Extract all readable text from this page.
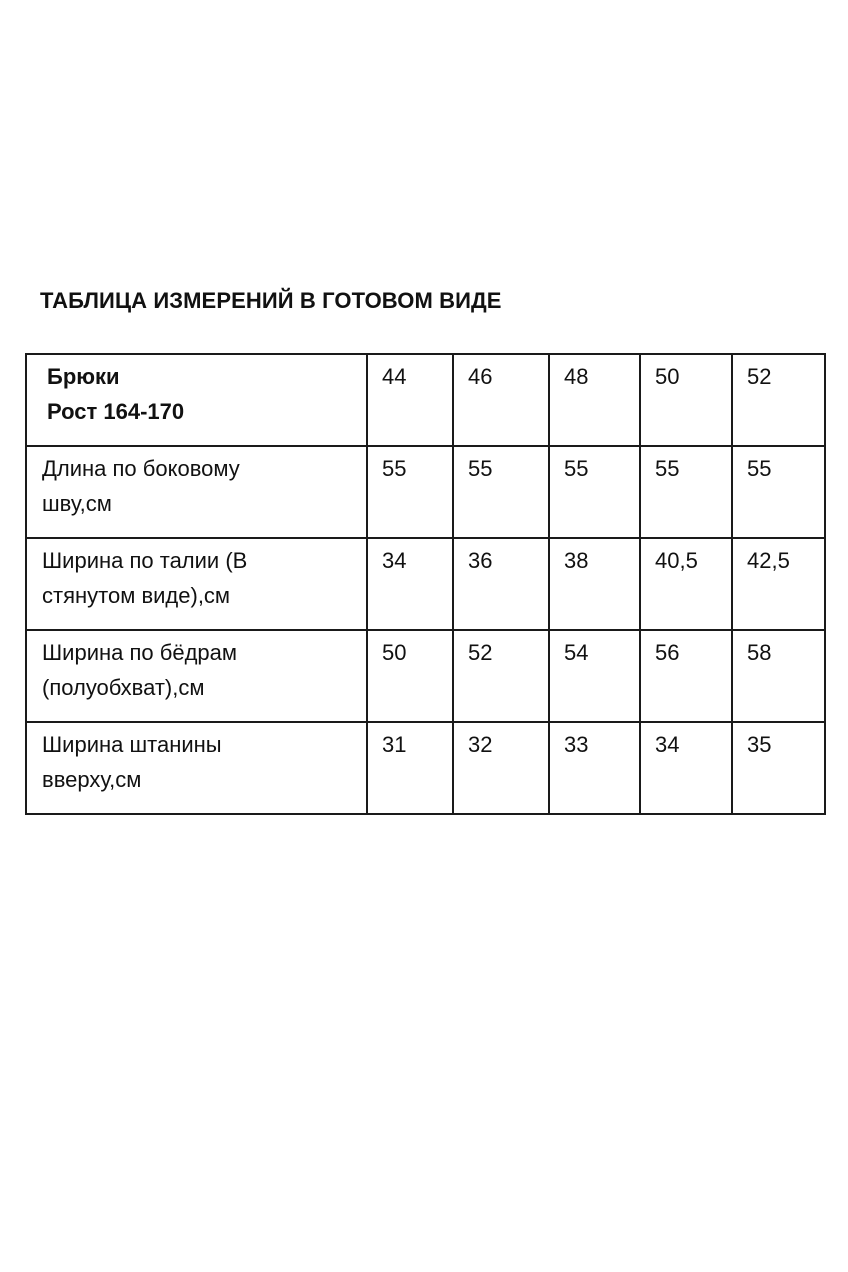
ТАБЛИЦА ИЗМЕРЕНИЙ В ГОТОВОМ ВИДЕ
Брюки
Рост 164-170	44	46	48	50	52

Длина по боковому
шву,см	55	55	55	55	55

Ширина по талии (В
стянутом виде),см	34	36	38	40,5	42,5

Ширина по бёдрам
(полуобхват),см	50	52	54	56	58

Ширина штанины
вверху,см	31	32	33	34	35
